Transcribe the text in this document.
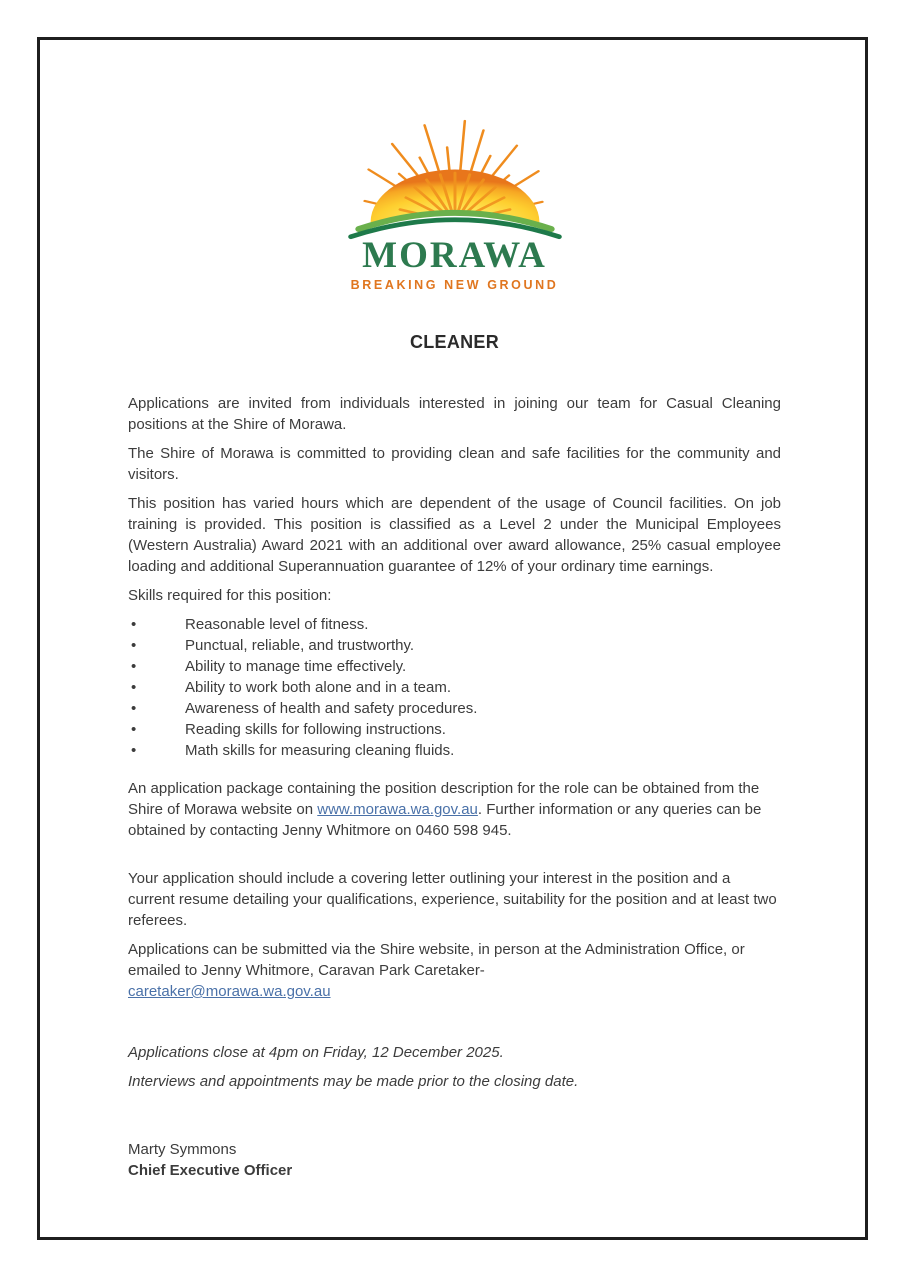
MORAWA
BREAKING NEW GROUND
CLEANER

Applications are invited from individuals interested in joining our team for Casual Cleaning positions at the Shire of Morawa.

The Shire of Morawa is committed to providing clean and safe facilities for the community and visitors.

This position has varied hours which are dependent of the usage of Council facilities. On job training is provided. This position is classified as a Level 2 under the Municipal Employees (Western Australia) Award 2021 with an additional over award allowance, 25% casual employee loading and additional Superannuation guarantee of 12% of your ordinary time earnings.

Skills required for this position:

• Reasonable level of fitness.
• Punctual, reliable, and trustworthy.
• Ability to manage time effectively.
• Ability to work both alone and in a team.
• Awareness of health and safety procedures.
• Reading skills for following instructions.
• Math skills for measuring cleaning fluids.

An application package containing the position description for the role can be obtained from the Shire of Morawa website on www.morawa.wa.gov.au. Further information or any queries can be obtained by contacting Jenny Whitmore on 0460 598 945.

Your application should include a covering letter outlining your interest in the position and a current resume detailing your qualifications, experience, suitability for the position and at least two referees.

Applications can be submitted via the Shire website, in person at the Administration Office, or emailed to Jenny Whitmore, Caravan Park Caretaker-
caretaker@morawa.wa.gov.au

Applications close at 4pm on Friday, 12 December 2025.

Interviews and appointments may be made prior to the closing date.

Marty Symmons
Chief Executive Officer
